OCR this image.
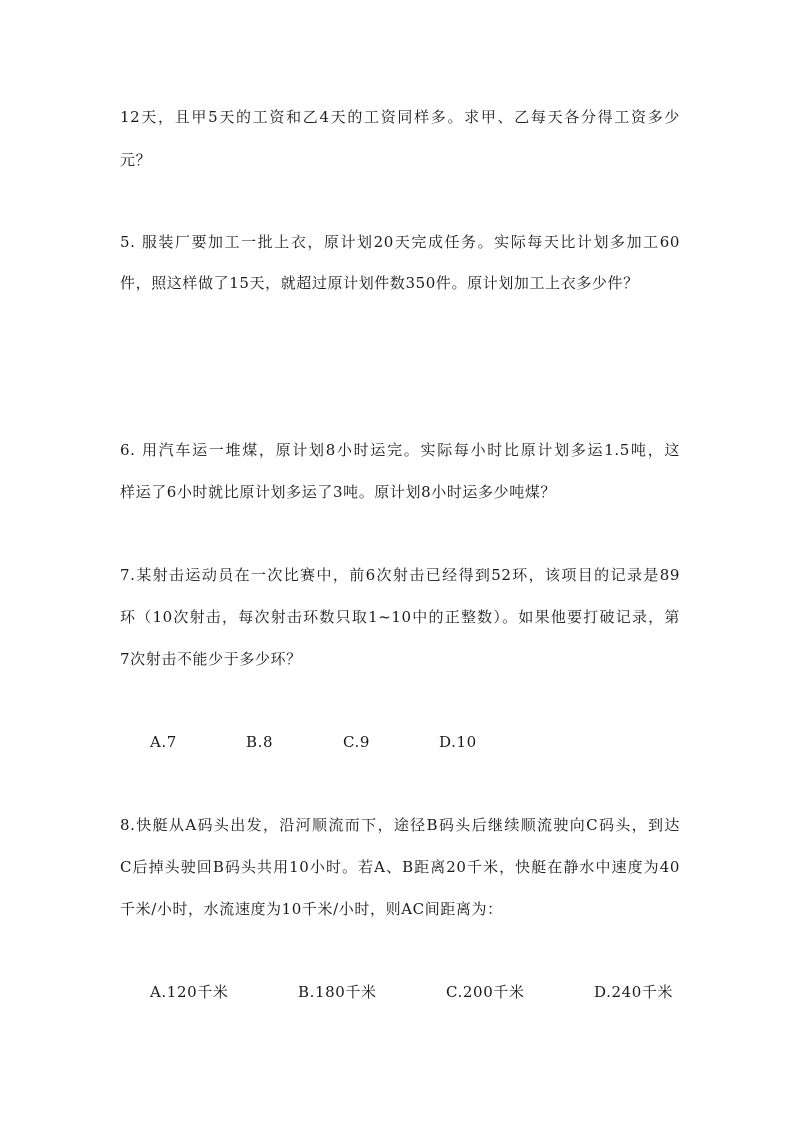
12天，且甲5天的工资和乙4天的工资同样多。求甲、乙每天各分得工资多少
元？
5. 服装厂要加工一批上衣，原计划20天完成任务。实际每天比计划多加工60
件，照这样做了15天，就超过原计划件数350件。原计划加工上衣多少件？
6. 用汽车运一堆煤，原计划8小时运完。实际每小时比原计划多运1.5吨，这
样运了6小时就比原计划多运了3吨。原计划8小时运多少吨煤？
7.某射击运动员在一次比赛中，前6次射击已经得到52环，该项目的记录是89
环（10次射击，每次射击环数只取1~10中的正整数）。如果他要打破记录，第
7次射击不能少于多少环？
A.7	B.8	C.9	D.10
8.快艇从A码头出发，沿河顺流而下，途径B码头后继续顺流驶向C码头，到达
C后掉头驶回B码头共用10小时。若A、B距离20千米，快艇在静水中速度为40
千米/小时，水流速度为10千米/小时，则AC间距离为：
A.120千米	B.180千米	C.200千米	D.240千米
